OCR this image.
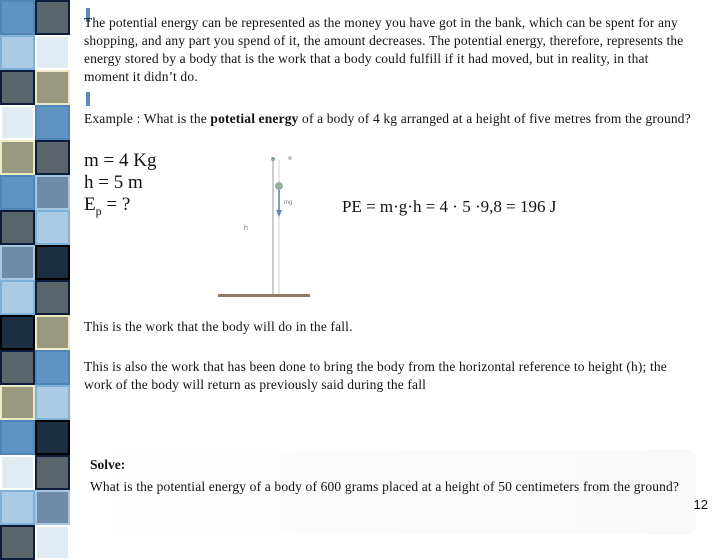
The potential energy can be represented as the money you have got in the bank, which can be spent for any shopping, and any part you spend of it, the amount decreases. The potential energy, therefore, represents the energy stored by a body that is the work that a body could fulfill if it had moved, but in reality, in that moment it didn’t do.
Example : What is the potetial energy of a body of 4 kg arranged at a height of five metres from the ground?
m = 4 Kg
h = 5 m
$E_p$ = ?	mg
h
PE = m·g·h = 4 · 5 ·9,8 = 196 J
This is the work that the body will do in the fall.
This is also the work that has been done to bring the body from the horizontal reference to height (h); the work of the body will return as previously said during the fall
Solve:
What is the potential energy of a body of 600 grams placed at a height of 50 centimeters from the ground?
12
